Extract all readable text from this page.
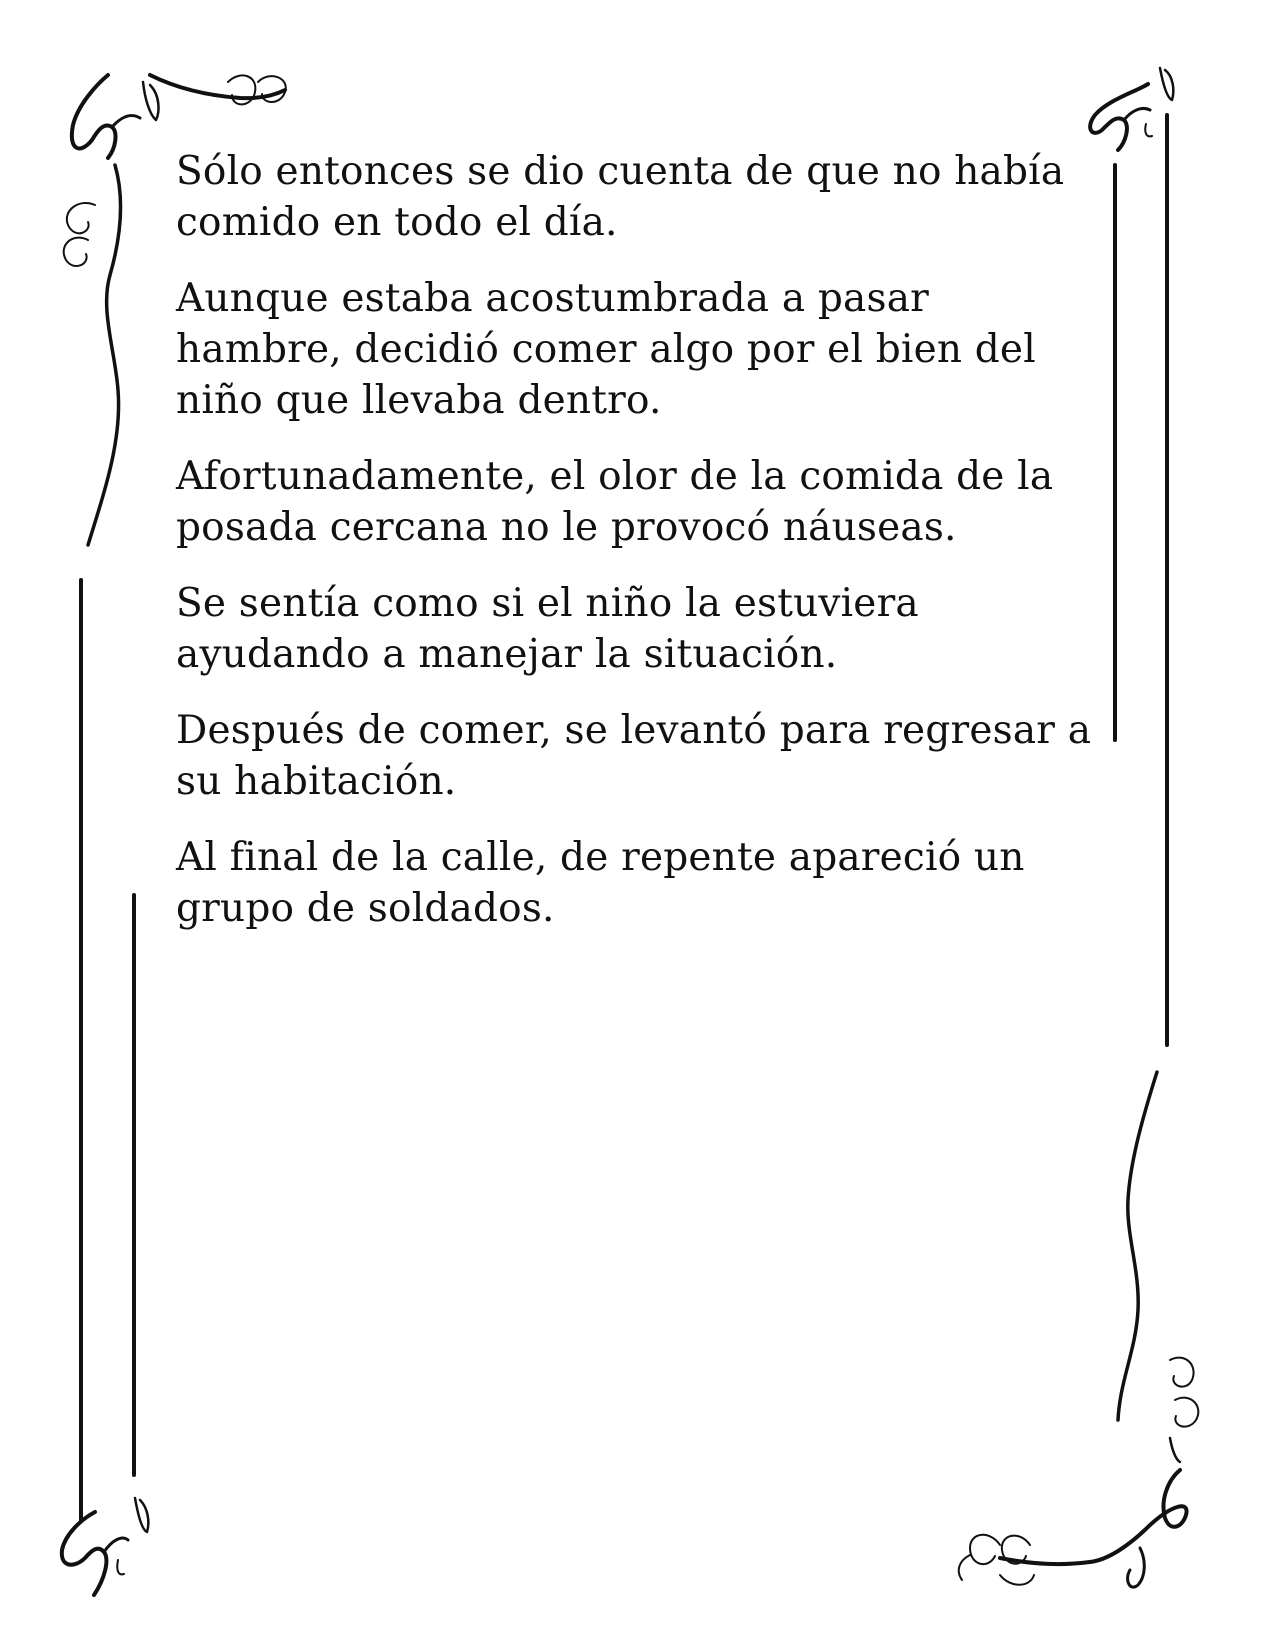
Sólo entonces se dio cuenta de que no había comido en todo el día.

Aunque estaba acostumbrada a pasar hambre, decidió comer algo por el bien del niño que llevaba dentro.

Afortunadamente, el olor de la comida de la posada cercana no le provocó náuseas.

Se sentía como si el niño la estuviera ayudando a manejar la situación.

Después de comer, se levantó para regresar a su habitación.

Al final de la calle, de repente apareció un grupo de soldados.
